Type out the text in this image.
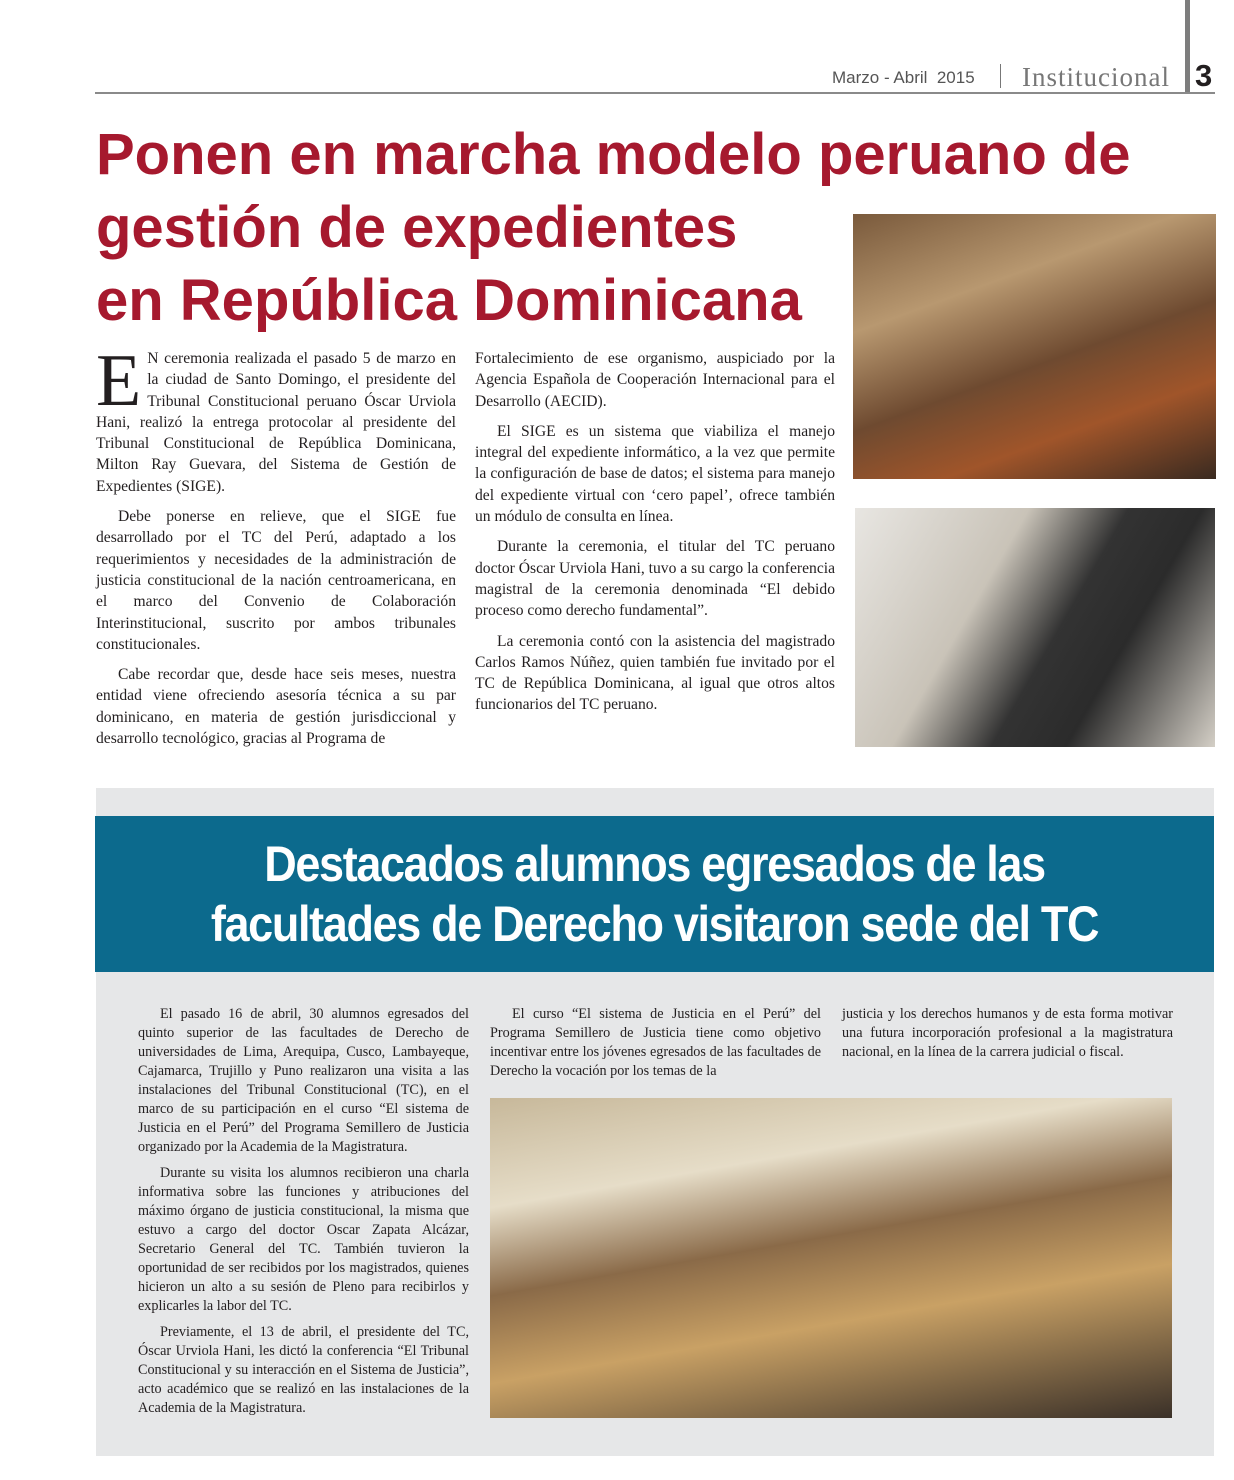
Marzo - Abril  2015 Institucional 3
Ponen en marcha modelo peruano de
gestión de expedientes
en República Dominicana

E N ceremonia realizada el pasado 5 de marzo en la ciudad de Santo Domingo, el presidente del Tribunal Constitucional peruano Óscar Urviola Hani, realizó la entrega protocolar al presidente del Tribunal Constitucional de República Dominicana, Milton Ray Guevara, del Sistema de Gestión de Expedientes (SIGE).

Debe ponerse en relieve, que el SIGE fue desarrollado por el TC del Perú, adaptado a los requerimientos y necesidades de la administración de justicia constitucional de la nación centroamericana, en el marco del Convenio de Colaboración Interinstitucional, suscrito por ambos tribunales constitucionales.

Cabe recordar que, desde hace seis meses, nuestra entidad viene ofreciendo asesoría técnica a su par dominicano, en materia de gestión jurisdiccional y desarrollo tecnológico, gracias al Programa de

Fortalecimiento de ese organismo, auspiciado por la Agencia Española de Cooperación Internacional para el Desarrollo (AECID).

El SIGE es un sistema que viabiliza el manejo integral del expediente informático, a la vez que permite la configuración de base de datos; el sistema para manejo del expediente virtual con ‘cero papel’, ofrece también un módulo de consulta en línea.

Durante la ceremonia, el titular del TC peruano doctor Óscar Urviola Hani, tuvo a su cargo la conferencia magistral de la ceremonia denominada “El debido proceso como derecho fundamental”.

La ceremonia contó con la asistencia del magistrado Carlos Ramos Núñez, quien también fue invitado por el TC de República Dominicana, al igual que otros altos funcionarios del TC peruano.

Destacados alumnos egresados de las
facultades de Derecho visitaron sede del TC

El pasado 16 de abril, 30 alumnos egresados del quinto superior de las facultades de Derecho de universidades de Lima, Arequipa, Cusco, Lambayeque, Cajamarca, Trujillo y Puno realizaron una visita a las instalaciones del Tribunal Constitucional (TC), en el marco de su participación en el curso “El sistema de Justicia en el Perú” del Programa Semillero de Justicia organizado por la Academia de la Magistratura.

Durante su visita los alumnos recibieron una charla informativa sobre las funciones y atribuciones del máximo órgano de justicia constitucional, la misma que estuvo a cargo del doctor Oscar Zapata Alcázar, Secretario General del TC. También tuvieron la oportunidad de ser recibidos por los magistrados, quienes hicieron un alto a su sesión de Pleno para recibirlos y explicarles la labor del TC.

Previamente, el 13 de abril, el presidente del TC, Óscar Urviola Hani, les dictó la conferencia “El Tribunal Constitucional y su interacción en el Sistema de Justicia”, acto académico que se realizó en las instalaciones de la Academia de la Magistratura.

El curso “El sistema de Justicia en el Perú” del Programa Semillero de Justicia tiene como objetivo incentivar entre los jóvenes egresados de las facultades de Derecho la vocación por los temas de la

justicia y los derechos humanos y de esta forma motivar una futura incorporación profesional a la magistratura nacional, en la línea de la carrera judicial o fiscal.
